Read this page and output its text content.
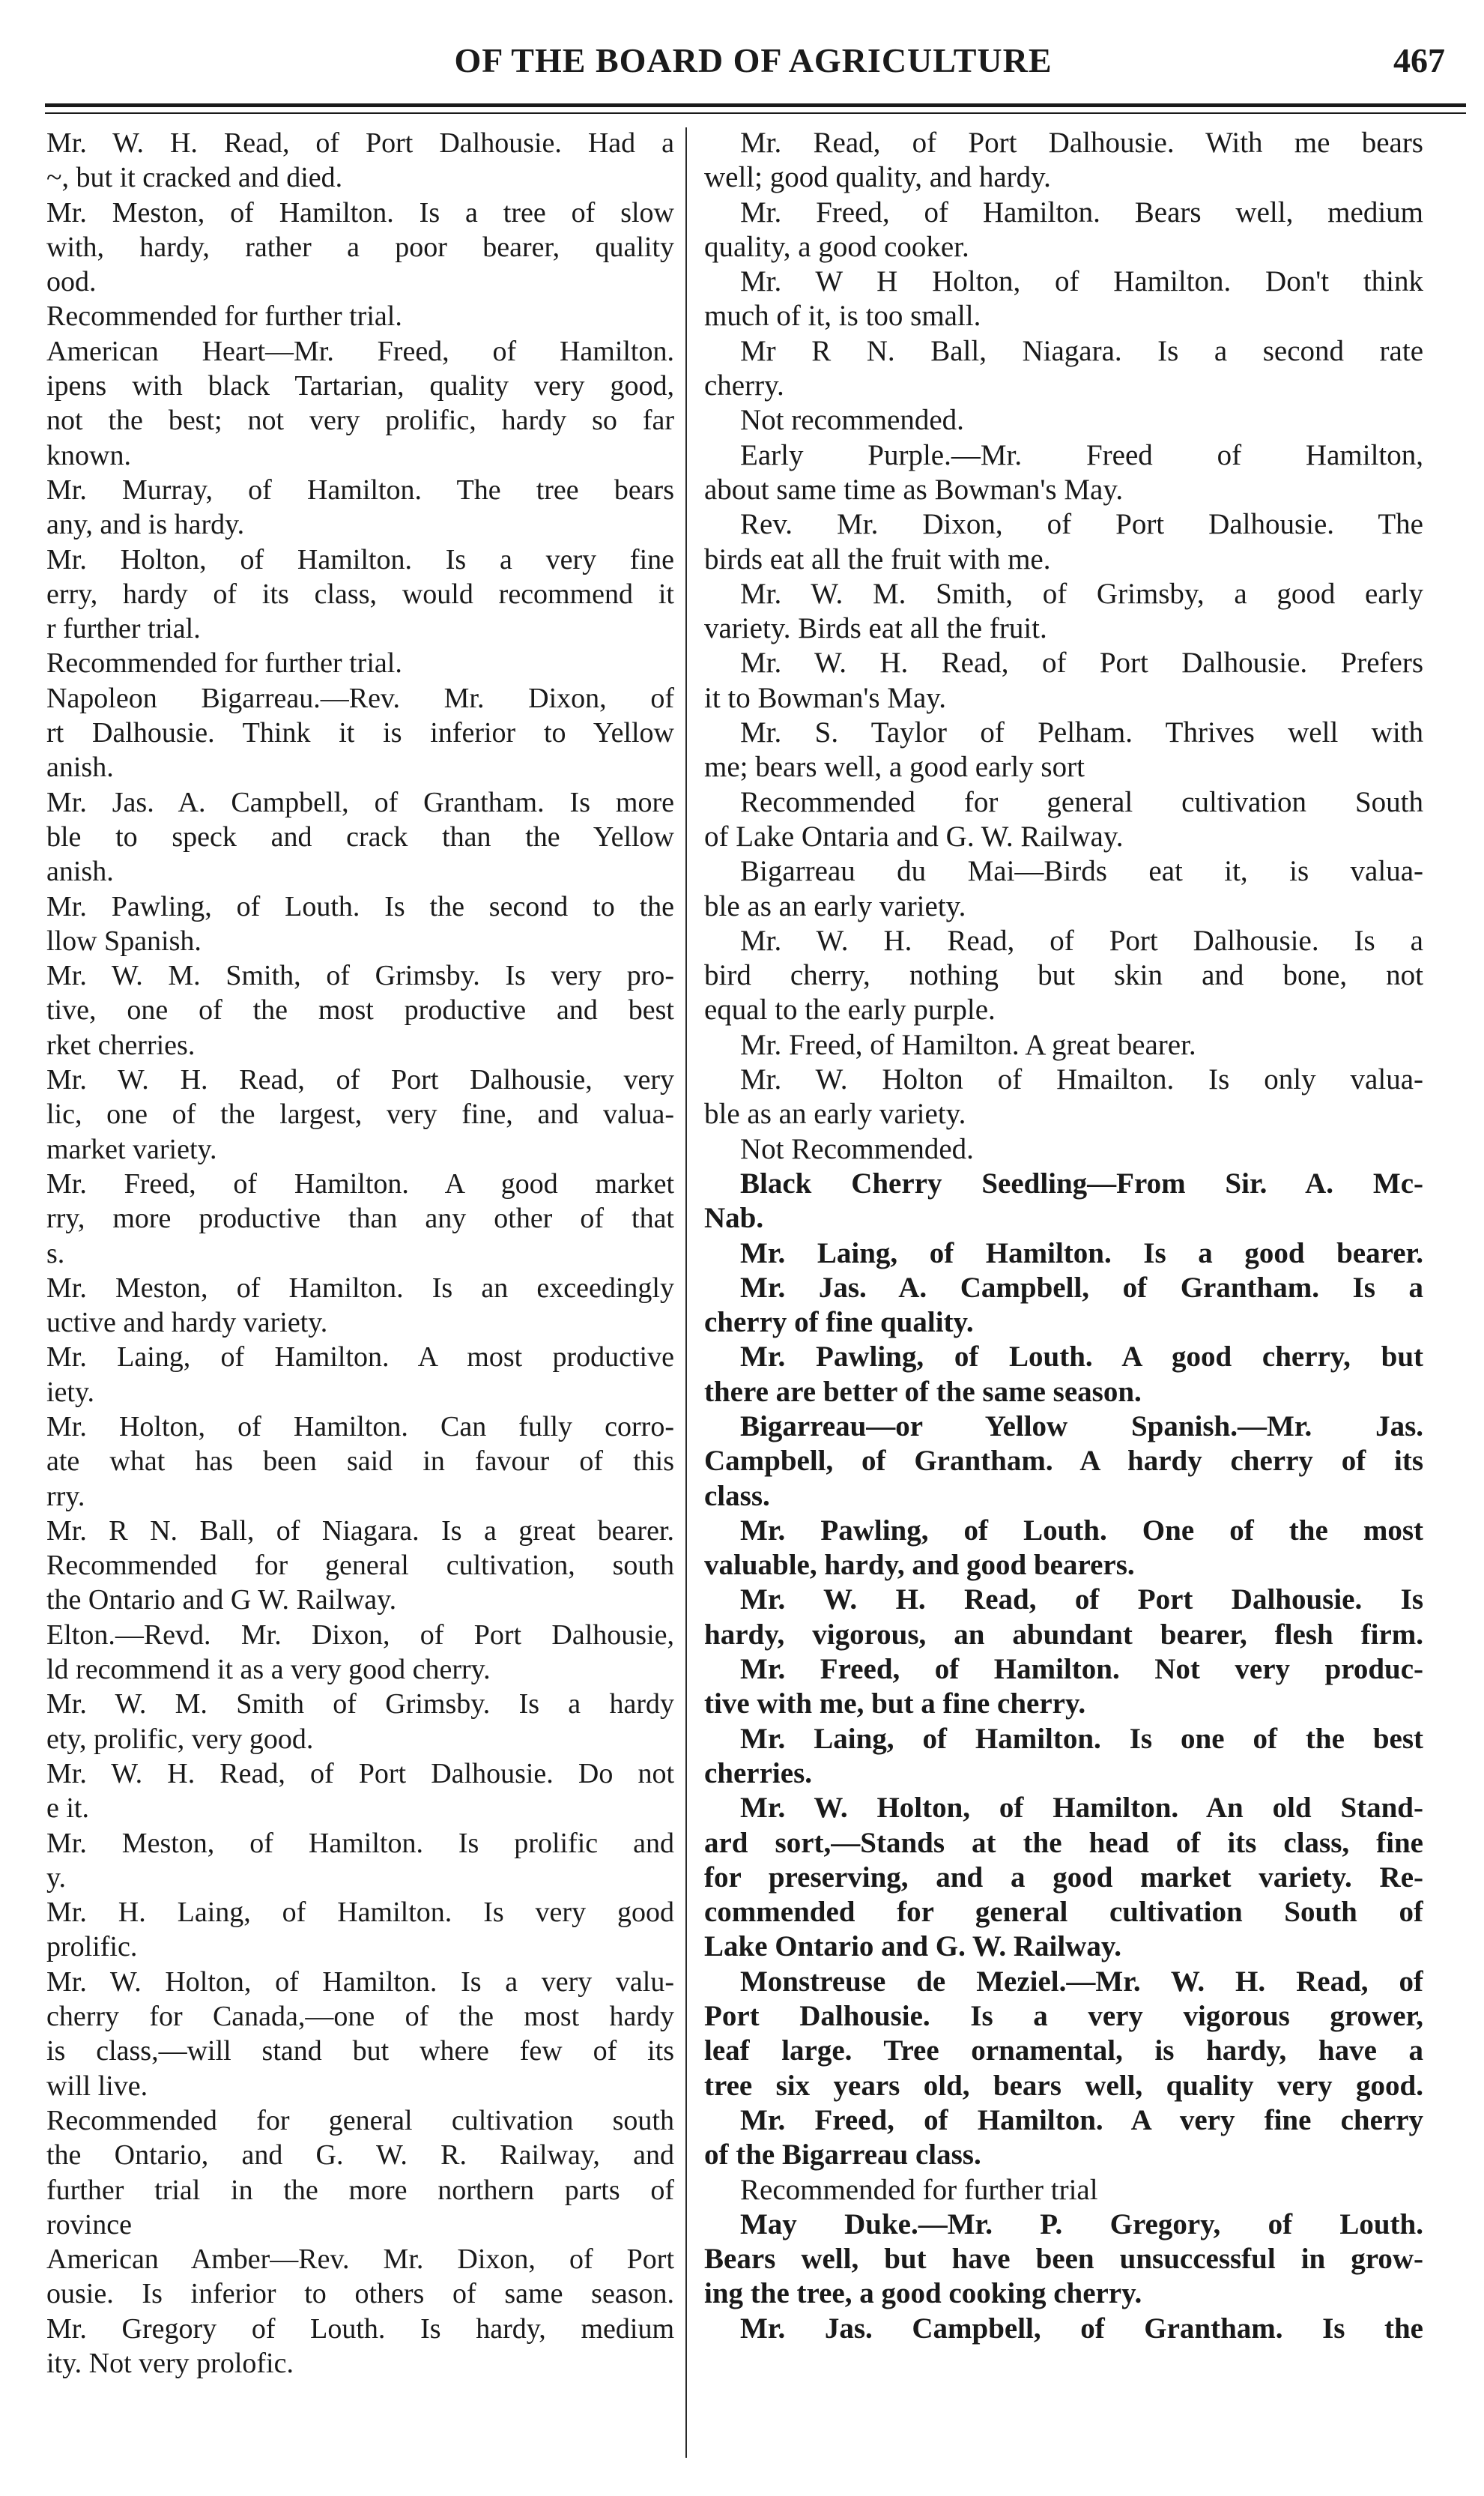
OF THE BOARD OF AGRICULTURE	467
Mr. W. H. Read, of Port Dalhousie. Had a
~, but it cracked and died.
Mr. Meston, of Hamilton. Is a tree of slow
with, hardy, rather a poor bearer, quality
ood.
Recommended for further trial.
American Heart—Mr. Freed, of Hamilton.
ipens with black Tartarian, quality very good,
not the best; not very prolific, hardy so far
known.
Mr. Murray, of Hamilton. The tree bears
any, and is hardy.
Mr. Holton, of Hamilton. Is a very fine
erry, hardy of its class, would recommend it
r further trial.
Recommended for further trial.
Napoleon Bigarreau.—Rev. Mr. Dixon, of
rt Dalhousie. Think it is inferior to Yellow
anish.
Mr. Jas. A. Campbell, of Grantham. Is more
ble to speck and crack than the Yellow
anish.
Mr. Pawling, of Louth. Is the second to the
llow Spanish.
Mr. W. M. Smith, of Grimsby. Is very pro-
tive, one of the most productive and best
rket cherries.
Mr. W. H. Read, of Port Dalhousie, very
lic, one of the largest, very fine, and valua-
market variety.
Mr. Freed, of Hamilton. A good market
rry, more productive than any other of that
s.
Mr. Meston, of Hamilton. Is an exceedingly
uctive and hardy variety.
Mr. Laing, of Hamilton. A most productive
iety.
Mr. Holton, of Hamilton. Can fully corro-
ate what has been said in favour of this
rry.
Mr. R N. Ball, of Niagara. Is a great bearer.
Recommended for general cultivation, south
the Ontario and G W. Railway.
Elton.—Revd. Mr. Dixon, of Port Dalhousie,
ld recommend it as a very good cherry.
Mr. W. M. Smith of Grimsby. Is a hardy
ety, prolific, very good.
Mr. W. H. Read, of Port Dalhousie. Do not
e it.
Mr. Meston, of Hamilton. Is prolific and
y.
Mr. H. Laing, of Hamilton. Is very good
prolific.
Mr. W. Holton, of Hamilton. Is a very valu-
cherry for Canada,—one of the most hardy
is class,—will stand but where few of its
will live.
Recommended for general cultivation south
the Ontario, and G. W. R. Railway, and
further trial in the more northern parts of
rovince
American Amber—Rev. Mr. Dixon, of Port
ousie. Is inferior to others of same season.
Mr. Gregory of Louth. Is hardy, medium
ity. Not very prolofic.
Mr. Read, of Port Dalhousie. With me bears
well; good quality, and hardy.
Mr. Freed, of Hamilton. Bears well, medium
quality, a good cooker.
Mr. W H Holton, of Hamilton. Don't think
much of it, is too small.
Mr R N. Ball, Niagara. Is a second rate
cherry.
Not recommended.
Early Purple.—Mr. Freed of Hamilton,
about same time as Bowman's May.
Rev. Mr. Dixon, of Port Dalhousie. The
birds eat all the fruit with me.
Mr. W. M. Smith, of Grimsby, a good early
variety. Birds eat all the fruit.
Mr. W. H. Read, of Port Dalhousie. Prefers
it to Bowman's May.
Mr. S. Taylor of Pelham. Thrives well with
me; bears well, a good early sort
Recommended for general cultivation South
of Lake Ontaria and G. W. Railway.
Bigarreau du Mai—Birds eat it, is valua-
ble as an early variety.
Mr. W. H. Read, of Port Dalhousie. Is a
bird cherry, nothing but skin and bone, not
equal to the early purple.
Mr. Freed, of Hamilton. A great bearer.
Mr. W. Holton of Hmailton. Is only valua-
ble as an early variety.
Not Recommended.
Black Cherry Seedling—From Sir. A. Mc-
Nab.
Mr. Laing, of Hamilton. Is a good bearer.
Mr. Jas. A. Campbell, of Grantham. Is a
cherry of fine quality.
Mr. Pawling, of Louth. A good cherry, but
there are better of the same season.
Bigarreau—or Yellow Spanish.—Mr. Jas.
Campbell, of Grantham. A hardy cherry of its
class.
Mr. Pawling, of Louth. One of the most
valuable, hardy, and good bearers.
Mr. W. H. Read, of Port Dalhousie. Is
hardy, vigorous, an abundant bearer, flesh firm.
Mr. Freed, of Hamilton. Not very produc-
tive with me, but a fine cherry.
Mr. Laing, of Hamilton. Is one of the best
cherries.
Mr. W. Holton, of Hamilton. An old Stand-
ard sort,—Stands at the head of its class, fine
for preserving, and a good market variety. Re-
commended for general cultivation South of
Lake Ontario and G. W. Railway.
Monstreuse de Meziel.—Mr. W. H. Read, of
Port Dalhousie. Is a very vigorous grower,
leaf large. Tree ornamental, is hardy, have a
tree six years old, bears well, quality very good.
Mr. Freed, of Hamilton. A very fine cherry
of the Bigarreau class.
Recommended for further trial
May Duke.—Mr. P. Gregory, of Louth.
Bears well, but have been unsuccessful in grow-
ing the tree, a good cooking cherry.
Mr. Jas. Campbell, of Grantham. Is the
